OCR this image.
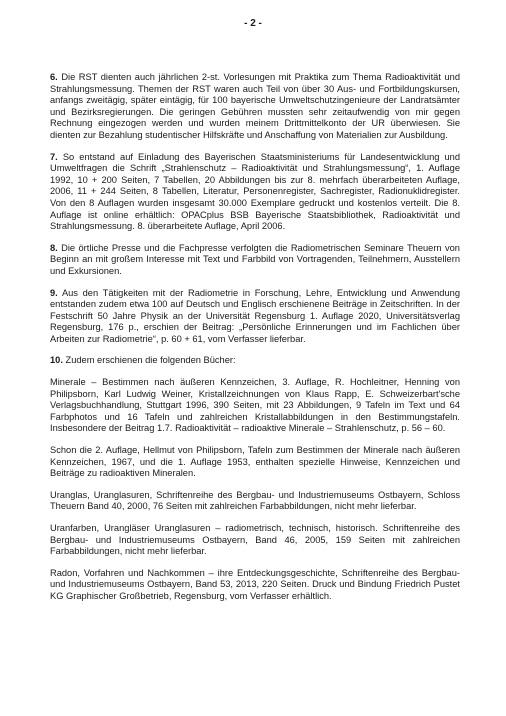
- 2 -

6. Die RST dienten auch jährlichen 2-st. Vorlesungen mit Praktika zum Thema Radioaktivität und Strahlungsmessung. Themen der RST waren auch Teil von über 30 Aus- und Fortbildungskursen, anfangs zweitägig, später eintägig, für 100 bayerische Umweltschutzingenieure der Landratsämter und Bezirksregierungen. Die geringen Gebühren mussten sehr zeitaufwendig von mir gegen Rechnung eingezogen werden und wurden meinem Drittmittelkonto der UR überwiesen. Sie dienten zur Bezahlung studentischer Hilfskräfte und Anschaffung von Materialien zur Ausbildung.

7. So entstand auf Einladung des Bayerischen Staatsministeriums für Landesentwicklung und Umweltfragen die Schrift „Strahlenschutz – Radioaktivität und Strahlungsmessung“, 1. Auflage 1992, 10 + 200 Seiten, 7 Tabellen, 20 Abbildungen bis zur 8. mehrfach überarbeiteten Auflage, 2006, 11 + 244 Seiten, 8 Tabellen, Literatur, Personenregister, Sachregister, Radionuklidregister. Von den 8 Auflagen wurden insgesamt 30.000 Exemplare gedruckt und kostenlos verteilt. Die 8. Auflage ist online erhältlich: OPACplus BSB Bayerische Staatsbibliothek, Radioaktivität und Strahlungsmessung. 8. überarbeitete Auflage, April 2006.

8. Die örtliche Presse und die Fachpresse verfolgten die Radiometrischen Seminare Theuern von Beginn an mit großem Interesse mit Text und Farbbild von Vortragenden, Teilnehmern, Ausstellern und Exkursionen.

9. Aus den Tätigkeiten mit der Radiometrie in Forschung, Lehre, Entwicklung und Anwendung entstanden zudem etwa 100 auf Deutsch und Englisch erschienene Beiträge in Zeitschriften. In der Festschrift 50 Jahre Physik an der Universität Regensburg 1. Auflage 2020, Universitätsverlag Regensburg, 176 p., erschien der Beitrag: „Persönliche Erinnerungen und im Fachlichen über Arbeiten zur Radiometrie“, p. 60 + 61, vom Verfasser lieferbar.

10. Zudem erschienen die folgenden Bücher:

Minerale – Bestimmen nach äußeren Kennzeichen, 3. Auflage, R. Hochleitner, Henning von Philipsborn, Karl Ludwig Weiner, Kristallzeichnungen von Klaus Rapp, E. Schweizerbart'sche Verlagsbuchhandlung, Stuttgart 1996, 390 Seiten, mit 23 Abbildungen, 9 Tafeln im Text und 64 Farbphotos und 16 Tafeln und zahlreichen Kristallabbildungen in den Bestimmungstafeln. Insbesondere der Beitrag 1.7. Radioaktivität – radioaktive Minerale – Strahlenschutz, p. 56 – 60.

Schon die 2. Auflage, Hellmut von Philipsborn, Tafeln zum Bestimmen der Minerale nach äußeren Kennzeichen, 1967, und die 1. Auflage 1953, enthalten spezielle Hinweise, Kennzeichen und Beiträge zu radioaktiven Mineralen.

Uranglas, Uranglasuren, Schriftenreihe des Bergbau- und Industriemuseums Ostbayern, Schloss Theuern Band 40, 2000, 76 Seiten mit zahlreichen Farbabbildungen, nicht mehr lieferbar.

Uranfarben, Urangläser Uranglasuren – radiometrisch, technisch, historisch. Schriftenreihe des Bergbau- und Industriemuseums Ostbayern, Band 46, 2005, 159 Seiten mit zahlreichen Farbabbildungen, nicht mehr lieferbar.

Radon, Vorfahren und Nachkommen – ihre Entdeckungsgeschichte, Schriftenreihe des Bergbau- und Industriemuseums Ostbayern, Band 53, 2013, 220 Seiten. Druck und Bindung Friedrich Pustet KG Graphischer Großbetrieb, Regensburg, vom Verfasser erhältlich.
